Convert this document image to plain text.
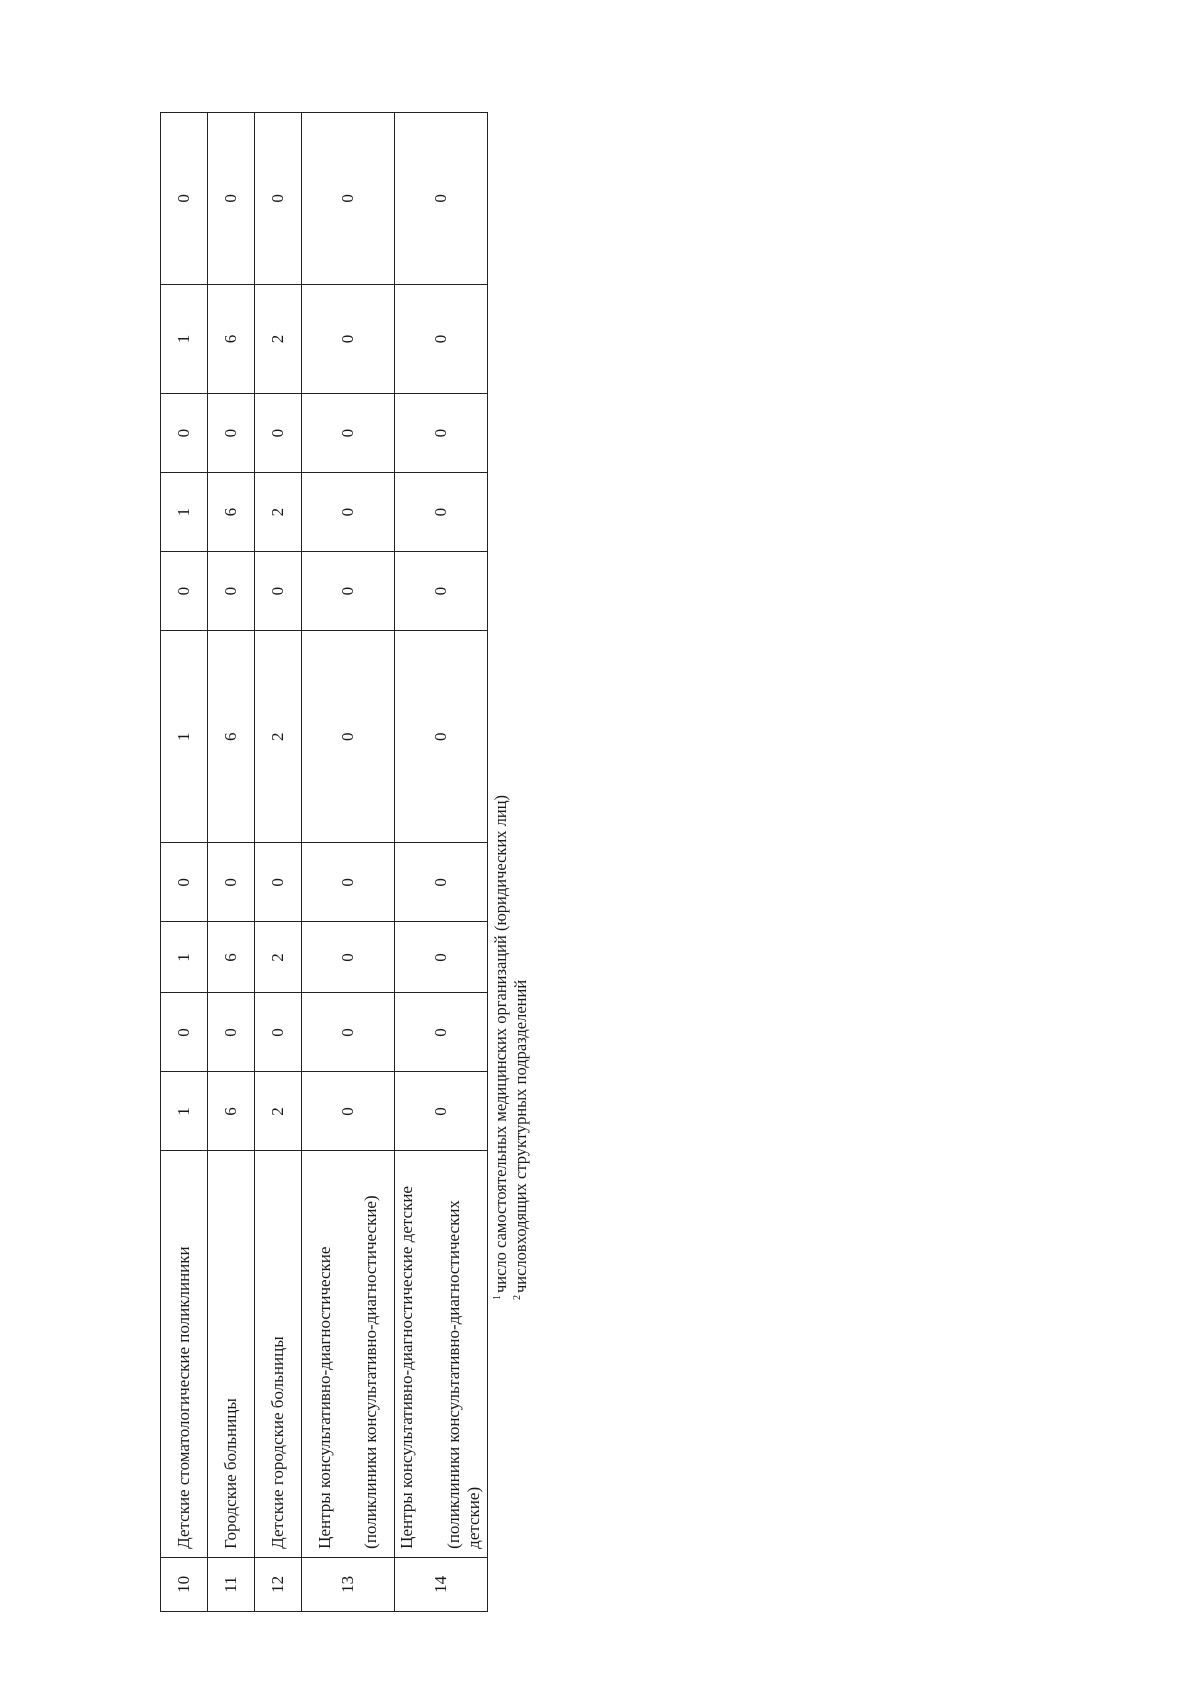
10	Детские стоматологические поликлиники	1	0	1	0	1	0	1	0	1	0
11	Городские больницы	6	0	6	0	6	0	6	0	6	0
12	Детские городские больницы	2	0	2	0	2	0	2	0	2	0
13	Центры консультативно-диагностические (поликлиники консультативно-диагностические)	0	0	0	0	0	0	0	0	0	0
14	Центры консультативно-диагностические детские (поликлиники консультативно-диагностических детские)	0	0	0	0	0	0	0	0	0	0
$^1$число самостоятельных медицинских организаций (юридических лиц)
$^2$числовходящих структурных подразделений
